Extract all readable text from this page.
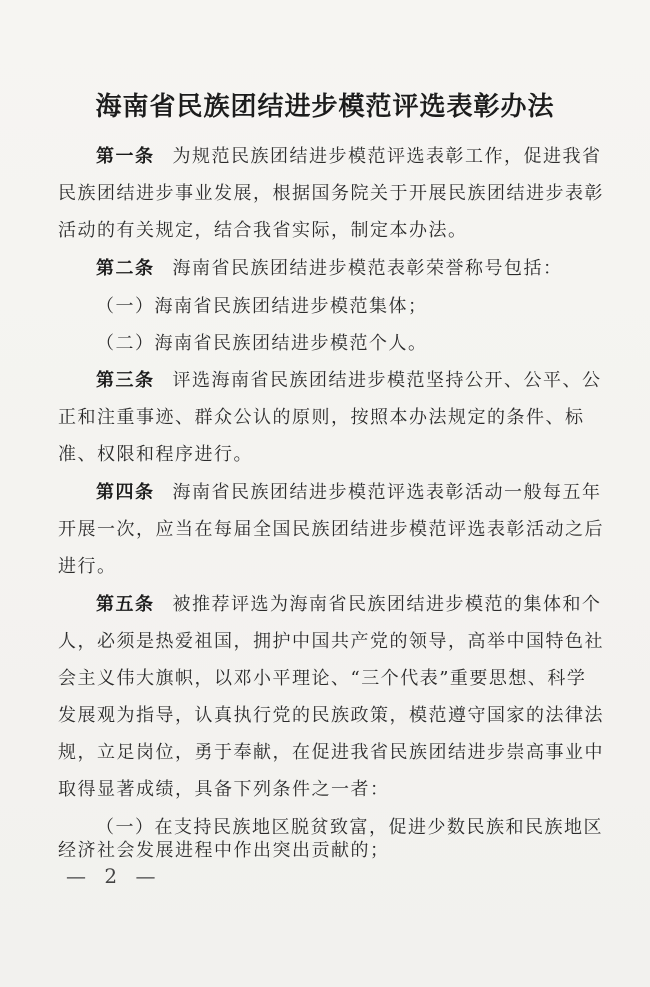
海南省民族团结进步模范评选表彰办法
第一条 为规范民族团结进步模范评选表彰工作，促进我省
民族团结进步事业发展，根据国务院关于开展民族团结进步表彰
活动的有关规定，结合我省实际，制定本办法。
第二条 海南省民族团结进步模范表彰荣誉称号包括：
（一）海南省民族团结进步模范集体；
（二）海南省民族团结进步模范个人。
第三条 评选海南省民族团结进步模范坚持公开、公平、公
正和注重事迹、群众公认的原则，按照本办法规定的条件、标
准、权限和程序进行。
第四条 海南省民族团结进步模范评选表彰活动一般每五年
开展一次，应当在每届全国民族团结进步模范评选表彰活动之后
进行。
第五条 被推荐评选为海南省民族团结进步模范的集体和个
人，必须是热爱祖国，拥护中国共产党的领导，高举中国特色社
会主义伟大旗帜，以邓小平理论、“三个代表”重要思想、科学
发展观为指导，认真执行党的民族政策，模范遵守国家的法律法
规，立足岗位，勇于奉献，在促进我省民族团结进步崇高事业中
取得显著成绩，具备下列条件之一者：
（一）在支持民族地区脱贫致富，促进少数民族和民族地区
经济社会发展进程中作出突出贡献的；
— 2 —
